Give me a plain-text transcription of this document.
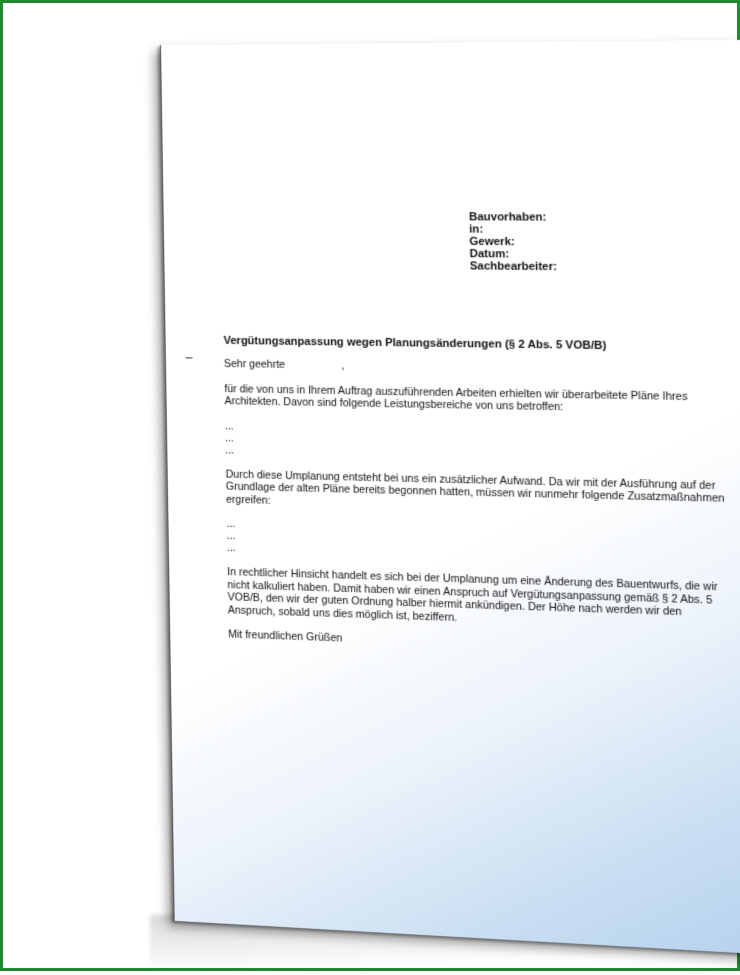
Bauvorhaben:
in:
Gewerk:
Datum:
Sachbearbeiter:
Vergütungsanpassung wegen Planungsänderungen (§ 2 Abs. 5 VOB/B)
–	Sehr geehrte	,

für die von uns in Ihrem Auftrag auszuführenden Arbeiten erhielten wir überarbeitete Pläne Ihres Architekten. Davon sind folgende Leistungsbereiche von uns betroffen:

...
...
...

Durch diese Umplanung entsteht bei uns ein zusätzlicher Aufwand. Da wir mit der Ausführung auf der Grundlage der alten Pläne bereits begonnen hatten, müssen wir nunmehr folgende Zusatzmaßnahmen ergreifen:

...
...
...

In rechtlicher Hinsicht handelt es sich bei der Umplanung um eine Änderung des Bauentwurfs, die wir nicht kalkuliert haben. Damit haben wir einen Anspruch auf Vergütungsanpassung gemäß § 2 Abs. 5 VOB/B, den wir der guten Ordnung halber hiermit ankündigen. Der Höhe nach werden wir den Anspruch, sobald uns dies möglich ist, beziffern.

Mit freundlichen Grüßen
